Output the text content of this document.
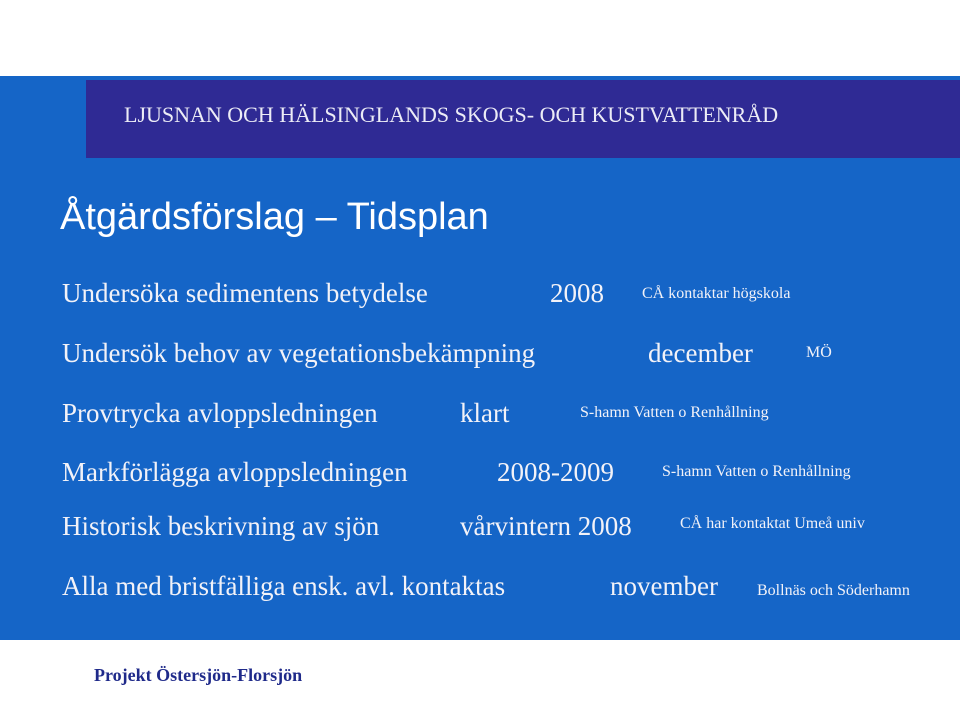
LJUSNAN OCH HÄLSINGLANDS SKOGS- OCH KUSTVATTENRÅD
Åtgärdsförslag – Tidsplan
Undersöka sedimentens betydelse	2008 CÅ kontaktar högskola
Undersök behov av vegetationsbekämpning	december	MÖ
Provtrycka avloppsledningen	klart	S-hamn Vatten o Renhållning
Markförlägga avloppsledningen	2008-2009	S-hamn Vatten o Renhållning
Historisk beskrivning av sjön	vårvintern 2008	CÅ har kontaktat Umeå univ
Alla med bristfälliga ensk. avl. kontaktas	november Bollnäs och Söderhamn
Projekt Östersjön-Florsjön
